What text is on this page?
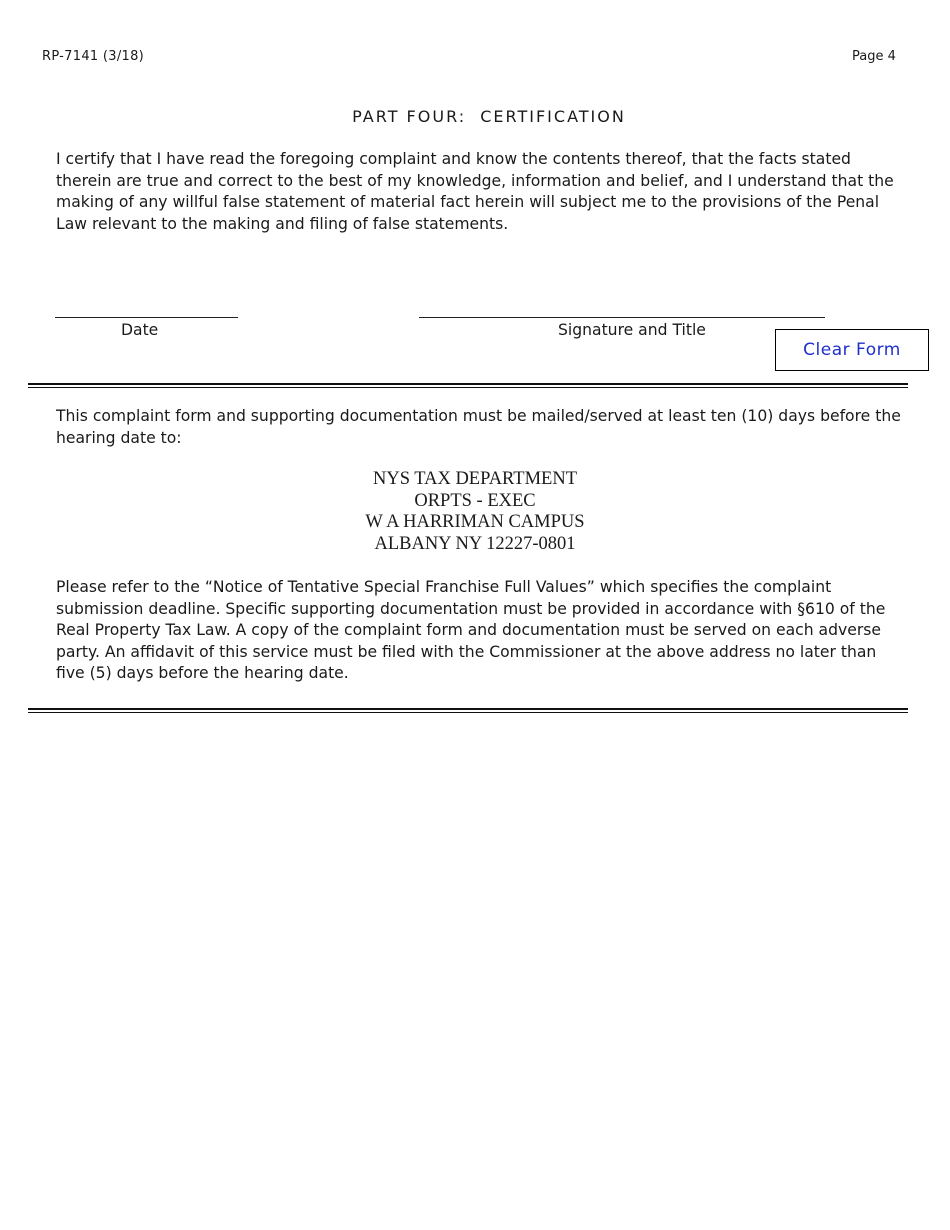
RP-7141 (3/18)	Page 4
PART FOUR:  CERTIFICATION
I certify that I have read the foregoing complaint and know the contents thereof, that the facts stated therein are true and correct to the best of my knowledge, information and belief, and I understand that the making of any willful false statement of material fact herein will subject me to the provisions of the Penal Law relevant to the making and filing of false statements.
Date	Signature and Title
Clear Form
This complaint form and supporting documentation must be mailed/served at least ten (10) days before the hearing date to:
NYS TAX DEPARTMENT
ORPTS - EXEC
W A HARRIMAN CAMPUS
ALBANY NY 12227-0801
Please refer to the “Notice of Tentative Special Franchise Full Values” which specifies the complaint submission deadline. Specific supporting documentation must be provided in accordance with §610 of the Real Property Tax Law. A copy of the complaint form and documentation must be served on each adverse party. An affidavit of this service must be filed with the Commissioner at the above address no later than five (5) days before the hearing date.
